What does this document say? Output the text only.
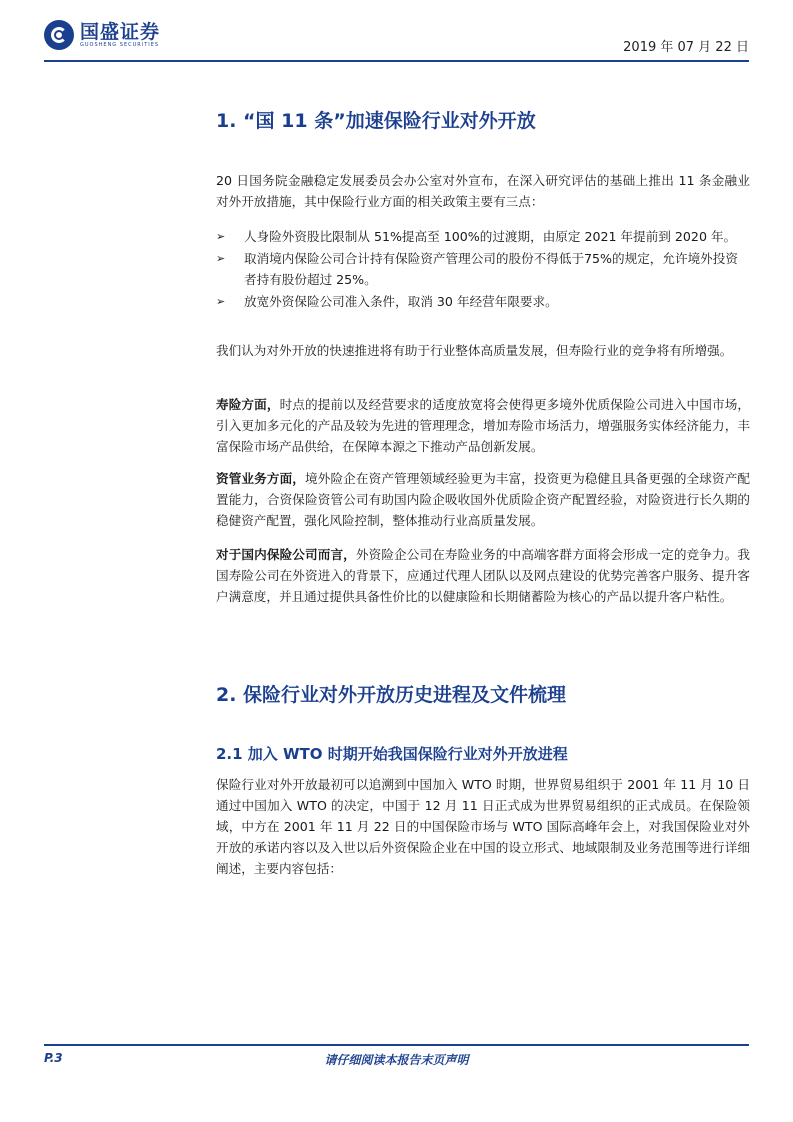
国盛证券
GUOSHENG SECURITIES	2019 年 07 月 22 日
1. “国 11 条”加速保险行业对外开放
20 日国务院金融稳定发展委员会办公室对外宣布，在深入研究评估的基础上推出 11 条金融业对外开放措施，其中保险行业方面的相关政策主要有三点：
➢ 人身险外资股比限制从 51%提高至 100%的过渡期，由原定 2021 年提前到 2020 年。
➢ 取消境内保险公司合计持有保险资产管理公司的股份不得低于75%的规定，允许境外投资者持有股份超过 25%。
➢ 放宽外资保险公司准入条件，取消 30 年经营年限要求。
我们认为对外开放的快速推进将有助于行业整体高质量发展，但寿险行业的竞争将有所增强。
寿险方面，时点的提前以及经营要求的适度放宽将会使得更多境外优质保险公司进入中国市场，引入更加多元化的产品及较为先进的管理理念，增加寿险市场活力，增强服务实体经济能力，丰富保险市场产品供给，在保障本源之下推动产品创新发展。
资管业务方面，境外险企在资产管理领域经验更为丰富，投资更为稳健且具备更强的全球资产配置能力，合资保险资管公司有助国内险企吸收国外优质险企资产配置经验，对险资进行长久期的稳健资产配置，强化风险控制，整体推动行业高质量发展。
对于国内保险公司而言，外资险企公司在寿险业务的中高端客群方面将会形成一定的竞争力。我国寿险公司在外资进入的背景下，应通过代理人团队以及网点建设的优势完善客户服务、提升客户满意度，并且通过提供具备性价比的以健康险和长期储蓄险为核心的产品以提升客户粘性。
2. 保险行业对外开放历史进程及文件梳理
2.1 加入 WTO 时期开始我国保险行业对外开放进程
保险行业对外开放最初可以追溯到中国加入 WTO 时期，世界贸易组织于 2001 年 11 月 10 日通过中国加入 WTO 的决定，中国于 12 月 11 日正式成为世界贸易组织的正式成员。在保险领域，中方在 2001 年 11 月 22 日的中国保险市场与 WTO 国际高峰年会上，对我国保险业对外开放的承诺内容以及入世以后外资保险企业在中国的设立形式、地域限制及业务范围等进行详细阐述，主要内容包括：
P.3	请仔细阅读本报告末页声明
